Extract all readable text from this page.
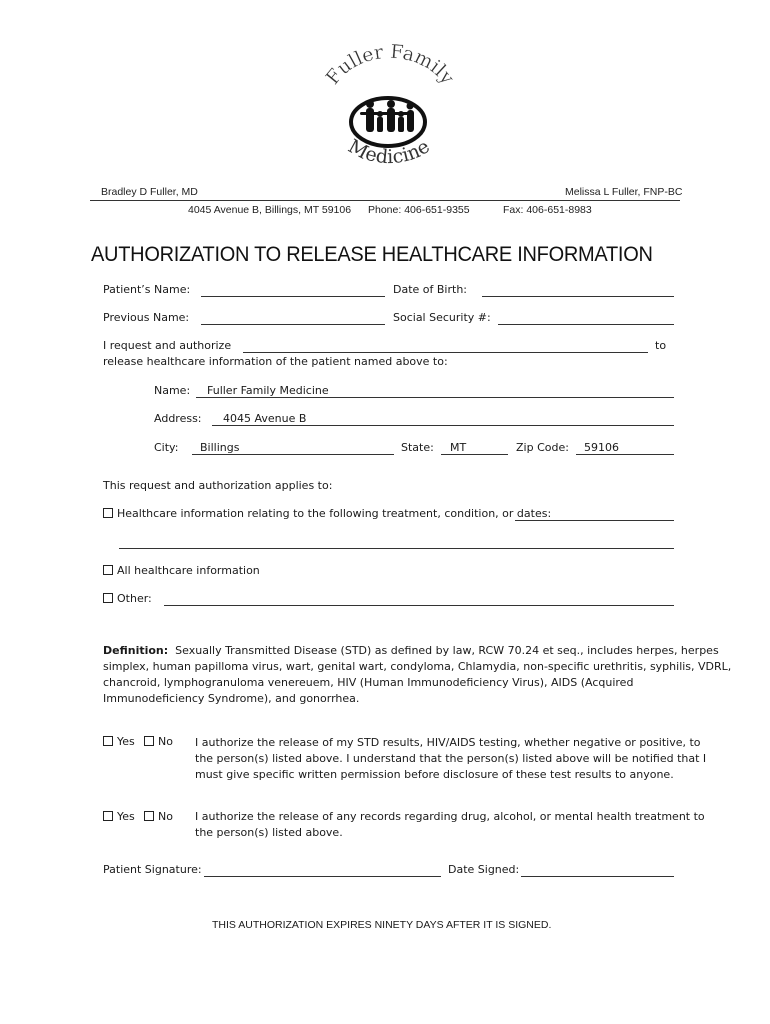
Fuller Family
Medicine
Bradley D Fuller, MD	Melissa L Fuller, FNP-BC
4045 Avenue B, Billings, MT 59106 Phone: 406-651-9355	Fax: 406-651-8983
AUTHORIZATION TO RELEASE HEALTHCARE INFORMATION
Patient’s Name:	Date of Birth:
Previous Name:	Social Security #:
I request and authorize	to
release healthcare information of the patient named above to:
Name: Fuller Family Medicine
Address: 4045 Avenue B
City: Billings	State: MT	Zip Code: 59106
This request and authorization applies to:
Healthcare information relating to the following treatment, condition, or dates:
All healthcare information
Other:
Definition: Sexually Transmitted Disease (STD) as defined by law, RCW 70.24 et seq., includes herpes, herpes
simplex, human papilloma virus, wart, genital wart, condyloma, Chlamydia, non-specific urethritis, syphilis, VDRL,
chancroid, lymphogranuloma venereuem, HIV (Human Immunodeficiency Virus), AIDS (Acquired
Immunodeficiency Syndrome), and gonorrhea.
Yes	No I authorize the release of my STD results, HIV/AIDS testing, whether negative or positive, to
the person(s) listed above. I understand that the person(s) listed above will be notified that I
must give specific written permission before disclosure of these test results to anyone.
Yes	No I authorize the release of any records regarding drug, alcohol, or mental health treatment to
the person(s) listed above.
Patient Signature:	Date Signed:
THIS AUTHORIZATION EXPIRES NINETY DAYS AFTER IT IS SIGNED.
